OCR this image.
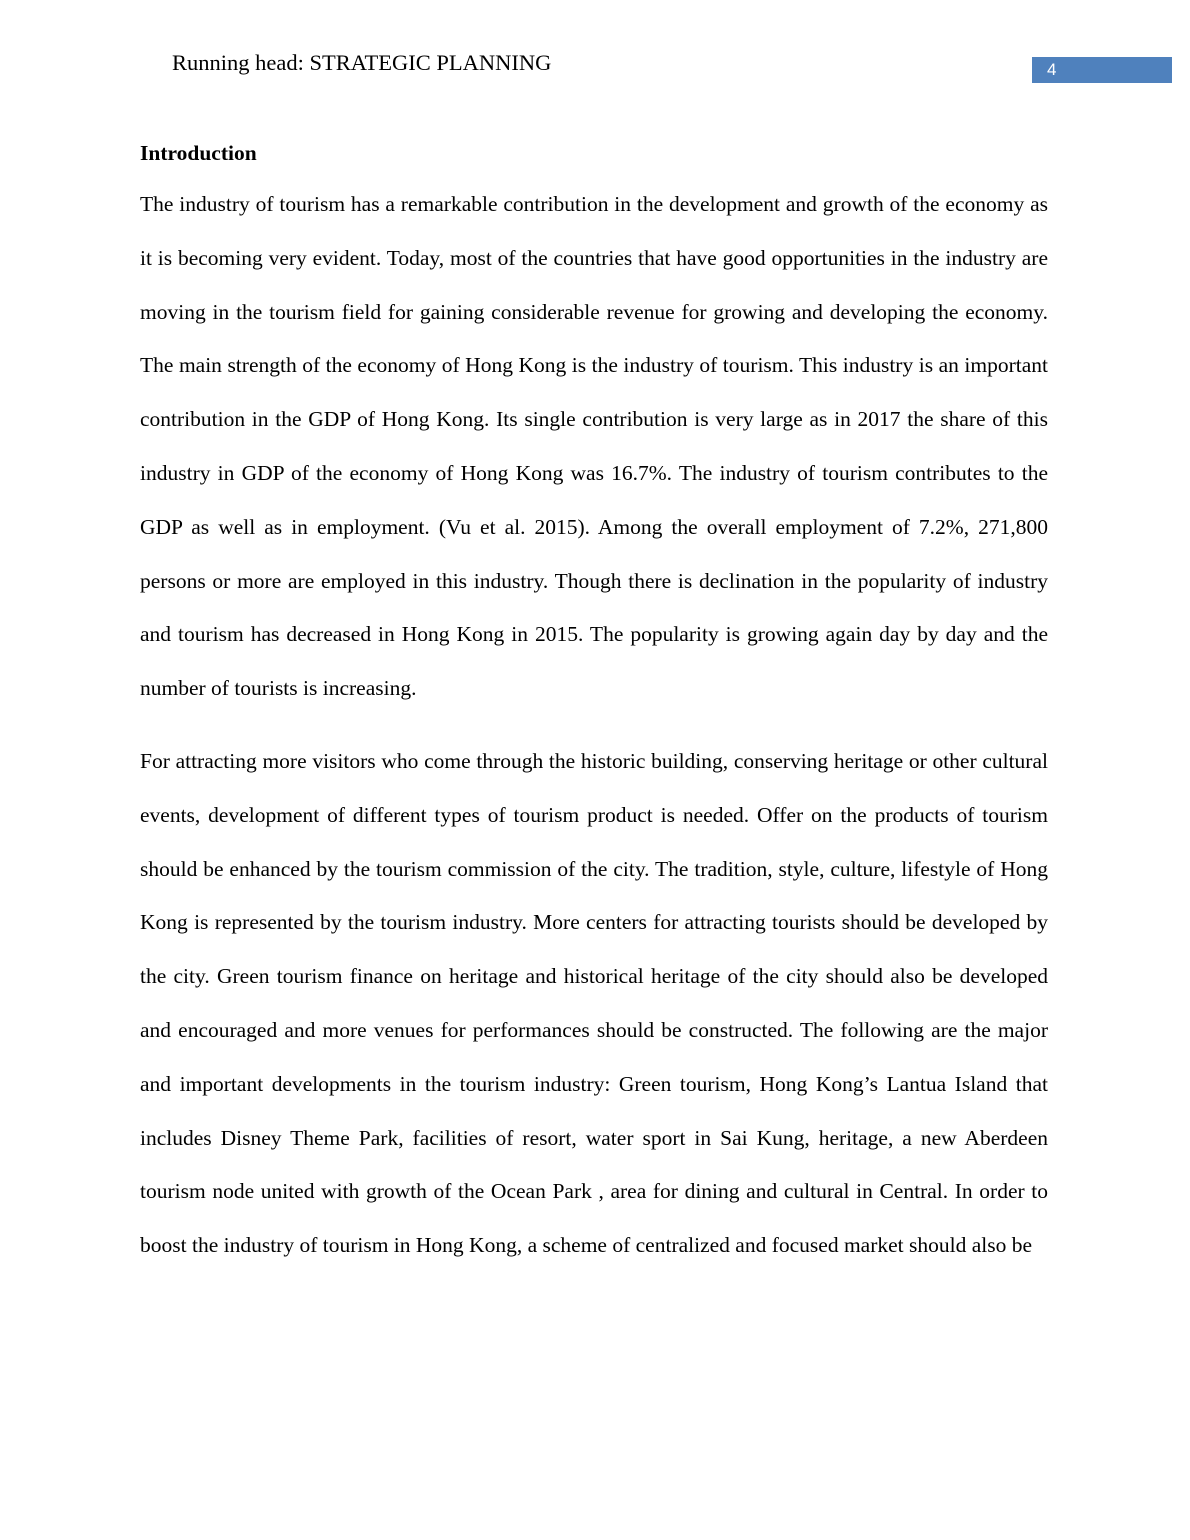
Running head: STRATEGIC PLANNING	4
Introduction

The industry of tourism has a remarkable contribution in the development and growth of the economy as it is becoming very evident. Today, most of the countries that have good opportunities in the industry are moving in the tourism field for gaining considerable revenue for growing and developing the economy. The main strength of the economy of Hong Kong is the industry of tourism. This industry is an important contribution in the GDP of Hong Kong. Its single contribution is very large as in 2017 the share of this industry in GDP of the economy of Hong Kong was 16.7%. The industry of tourism contributes to the GDP as well as in employment. (Vu et al. 2015). Among the overall employment of 7.2%, 271,800 persons or more are employed in this industry. Though there is declination in the popularity of industry and tourism has decreased in Hong Kong in 2015. The popularity is growing again day by day and the number of tourists is increasing.

For attracting more visitors who come through the historic building, conserving heritage or other cultural events, development of different types of tourism product is needed. Offer on the products of tourism should be enhanced by the tourism commission of the city. The tradition, style, culture, lifestyle of Hong Kong is represented by the tourism industry. More centers for attracting tourists should be developed by the city. Green tourism finance on heritage and historical heritage of the city should also be developed and encouraged and more venues for performances should be constructed. The following are the major and important developments in the tourism industry: Green tourism, Hong Kong’s Lantua Island that includes Disney Theme Park, facilities of resort, water sport in Sai Kung, heritage, a new Aberdeen tourism node united with growth of the Ocean Park , area for dining and cultural in Central. In order to boost the industry of tourism in Hong Kong, a scheme of centralized and focused market should also be
